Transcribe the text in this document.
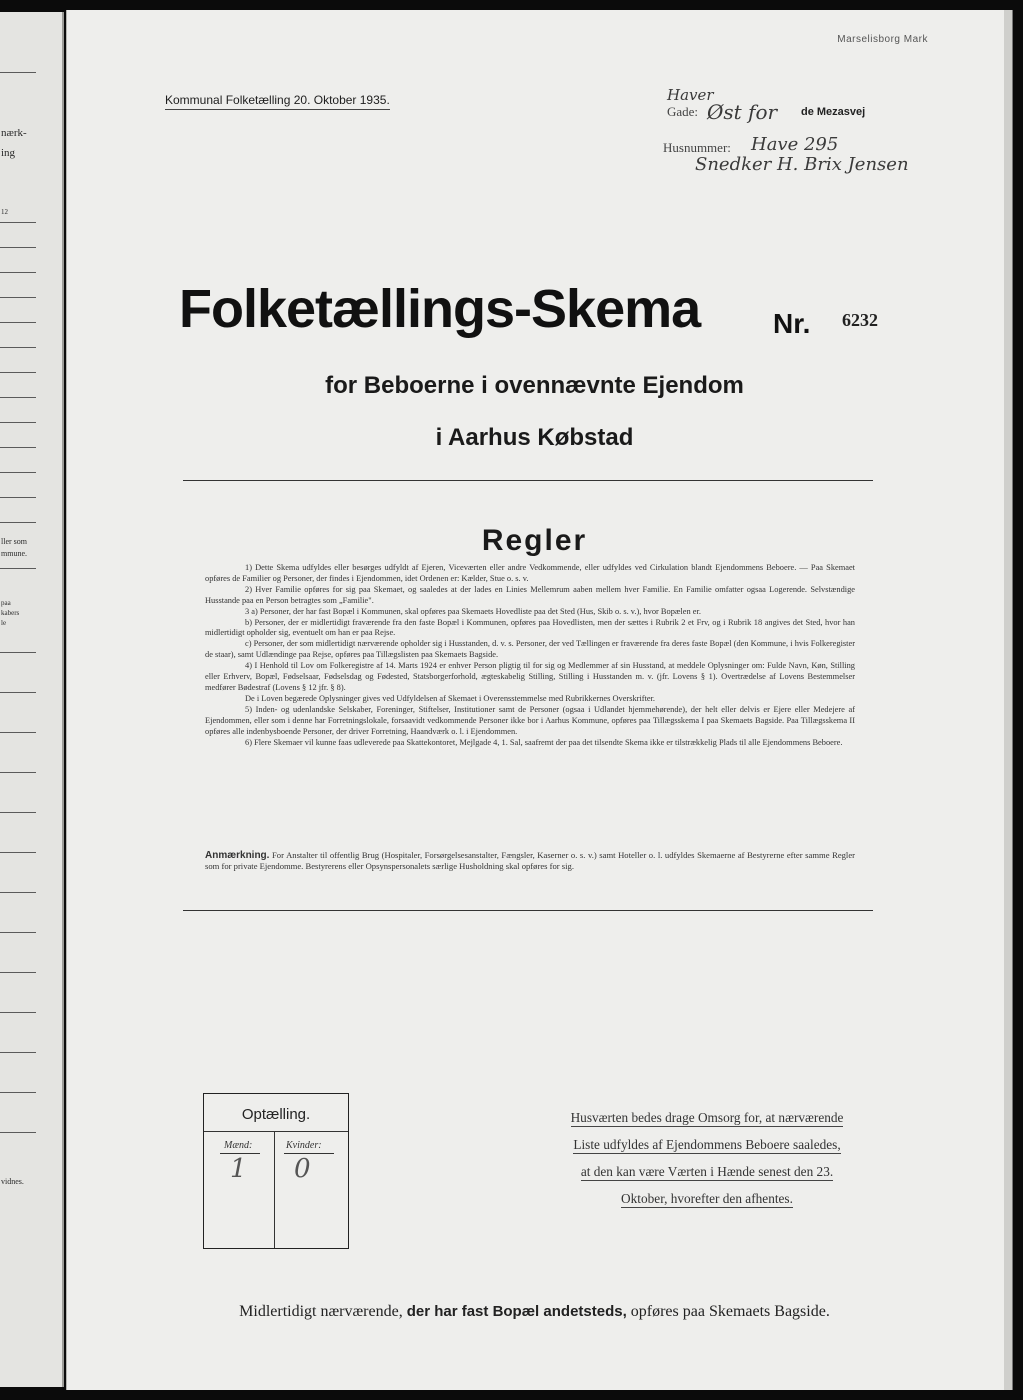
nærk-
ing
12
ller som
mmune.
paa
kabers
le
vidnes.
Marselisborg Mark
Kommunal Folketælling 20. Oktober 1935.	Haver
Gade: Øst for de Mezasvej
Husnummer: Have 295
Snedker H. Brix Jensen
Folketællings-Skema	Nr. 6232
for Beboerne i ovennævnte Ejendom
i Aarhus Købstad
Regler

1) Dette Skema udfyldes eller besørges udfyldt af Ejeren, Viceværten eller andre Vedkommende, eller udfyldes ved Cirkulation blandt Ejendommens Beboere. — Paa Skemaet opføres de Familier og Personer, der findes i Ejendommen, idet Ordenen er: Kælder, Stue o. s. v.

2) Hver Familie opføres for sig paa Skemaet, og saaledes at der lades en Linies Mellemrum aaben mellem hver Familie. En Familie omfatter ogsaa Logerende. Selvstændige Husstande paa en Person betragtes som „Familie".

3 a) Personer, der har fast Bopæl i Kommunen, skal opføres paa Skemaets Hovedliste paa det Sted (Hus, Skib o. s. v.), hvor Bopælen er.

b) Personer, der er midlertidigt fraværende fra den faste Bopæl i Kommunen, opføres paa Hovedlisten, men der sættes i Rubrik 2 et Frv, og i Rubrik 18 angives det Sted, hvor han midlertidigt opholder sig, eventuelt om han er paa Rejse.

c) Personer, der som midlertidigt nærværende opholder sig i Husstanden, d. v. s. Personer, der ved Tællingen er fraværende fra deres faste Bopæl (den Kommune, i hvis Folkeregister de staar), samt Udlændinge paa Rejse, opføres paa Tillægslisten paa Skemaets Bagside.

4) I Henhold til Lov om Folkeregistre af 14. Marts 1924 er enhver Person pligtig til for sig og Medlemmer af sin Husstand, at meddele Oplysninger om: Fulde Navn, Køn, Stilling eller Erhverv, Bopæl, Fødselsaar, Fødselsdag og Fødested, Statsborgerforhold, ægteskabelig Stilling, Stilling i Husstanden m. v. (jfr. Lovens § 1). Overtrædelse af Lovens Bestemmelser medfører Bødestraf (Lovens § 12 jfr. § 8).

De i Loven begærede Oplysninger gives ved Udfyldelsen af Skemaet i Overensstemmelse med Rubrikkernes Overskrifter.

5) Inden- og udenlandske Selskaber, Foreninger, Stiftelser, Institutioner samt de Personer (ogsaa i Udlandet hjemmehørende), der helt eller delvis er Ejere eller Medejere af Ejendommen, eller som i denne har Forretningslokale, forsaavidt vedkommende Personer ikke bor i Aarhus Kommune, opføres paa Tillægsskema I paa Skemaets Bagside. Paa Tillægsskema II opføres alle indenbysboende Personer, der driver Forretning, Haandværk o. l. i Ejendommen.

6) Flere Skemaer vil kunne faas udleverede paa Skattekontoret, Mejlgade 4, 1. Sal, saafremt der paa det tilsendte Skema ikke er tilstrækkelig Plads til alle Ejendommens Beboere.

Anmærkning. For Anstalter til offentlig Brug (Hospitaler, Forsørgelsesanstalter, Fængsler, Kaserner o. s. v.) samt Hoteller o. l. udfyldes Skemaerne af Bestyrerne efter samme Regler som for private Ejendomme. Bestyrerens eller Opsynspersonalets særlige Husholdning skal opføres for sig.
Optælling.
Mænd:	Kvinder:
1 0
Husværten bedes drage Omsorg for, at nærværende
Liste udfyldes af Ejendommens Beboere saaledes,
at den kan være Værten i Hænde senest den 23.
Oktober, hvorefter den afhentes.
Midlertidigt nærværende, der har fast Bopæl andetsteds, opføres paa Skemaets Bagside.
